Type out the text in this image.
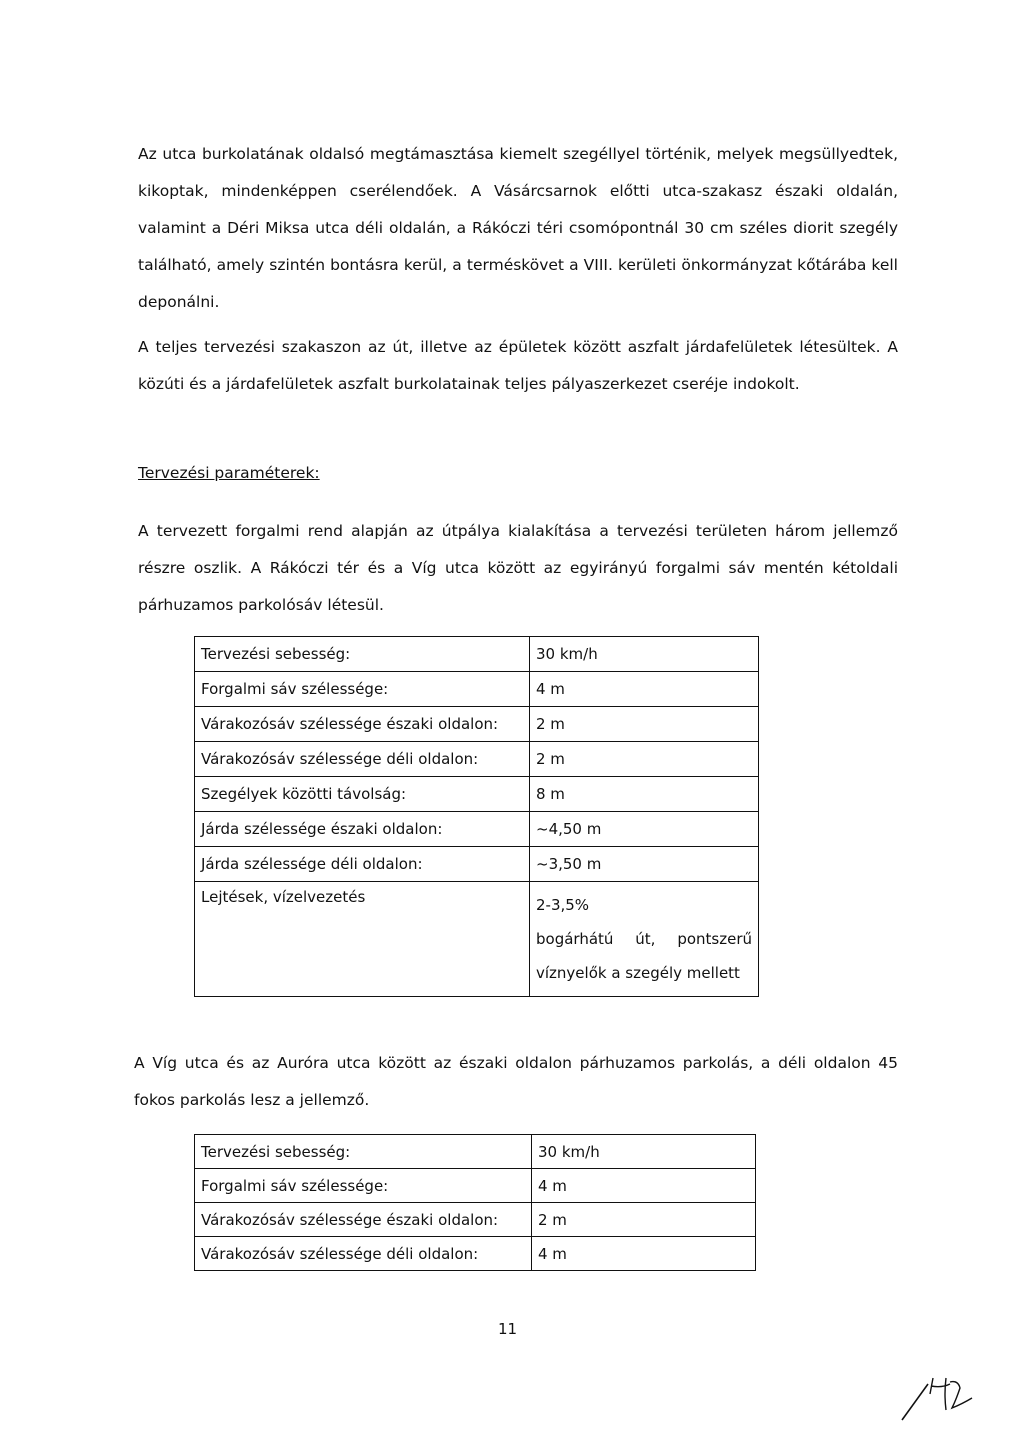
Az utca burkolatának oldalsó megtámasztása kiemelt szegéllyel történik, melyek megsüllyedtek, kikoptak, mindenképpen cserélendőek. A Vásárcsarnok előtti utca-szakasz északi oldalán, valamint a Déri Miksa utca déli oldalán, a Rákóczi téri csomópontnál 30 cm széles diorit szegély található, amely szintén bontásra kerül, a terméskövet a VIII. kerületi önkormányzat kőtárába kell deponálni.

A teljes tervezési szakaszon az út, illetve az épületek között aszfalt járdafelületek létesültek. A közúti és a járdafelületek aszfalt burkolatainak teljes pályaszerkezet cseréje indokolt.

Tervezési paraméterek:

A tervezett forgalmi rend alapján az útpálya kialakítása a tervezési területen három jellemző részre oszlik. A Rákóczi tér és a Víg utca között az egyirányú forgalmi sáv mentén kétoldali párhuzamos parkolósáv létesül.

Tervezési sebesség:	30 km/h
Forgalmi sáv szélessége:	4 m
Várakozósáv szélessége északi oldalon:	2 m
Várakozósáv szélessége déli oldalon:	2 m
Szegélyek közötti távolság:	8 m
Járda szélessége északi oldalon:	~4,50 m
Járda szélessége déli oldalon:	~3,50 m
Lejtések, vízelvezetés	2-3,5%
bogárhátú út, pontszerű víznyelők a szegély mellett

A Víg utca és az Auróra utca között az északi oldalon párhuzamos parkolás, a déli oldalon 45 fokos parkolás lesz a jellemző.

Tervezési sebesség:	30 km/h
Forgalmi sáv szélessége:	4 m
Várakozósáv szélessége északi oldalon:	2 m
Várakozósáv szélessége déli oldalon:	4 m
11
